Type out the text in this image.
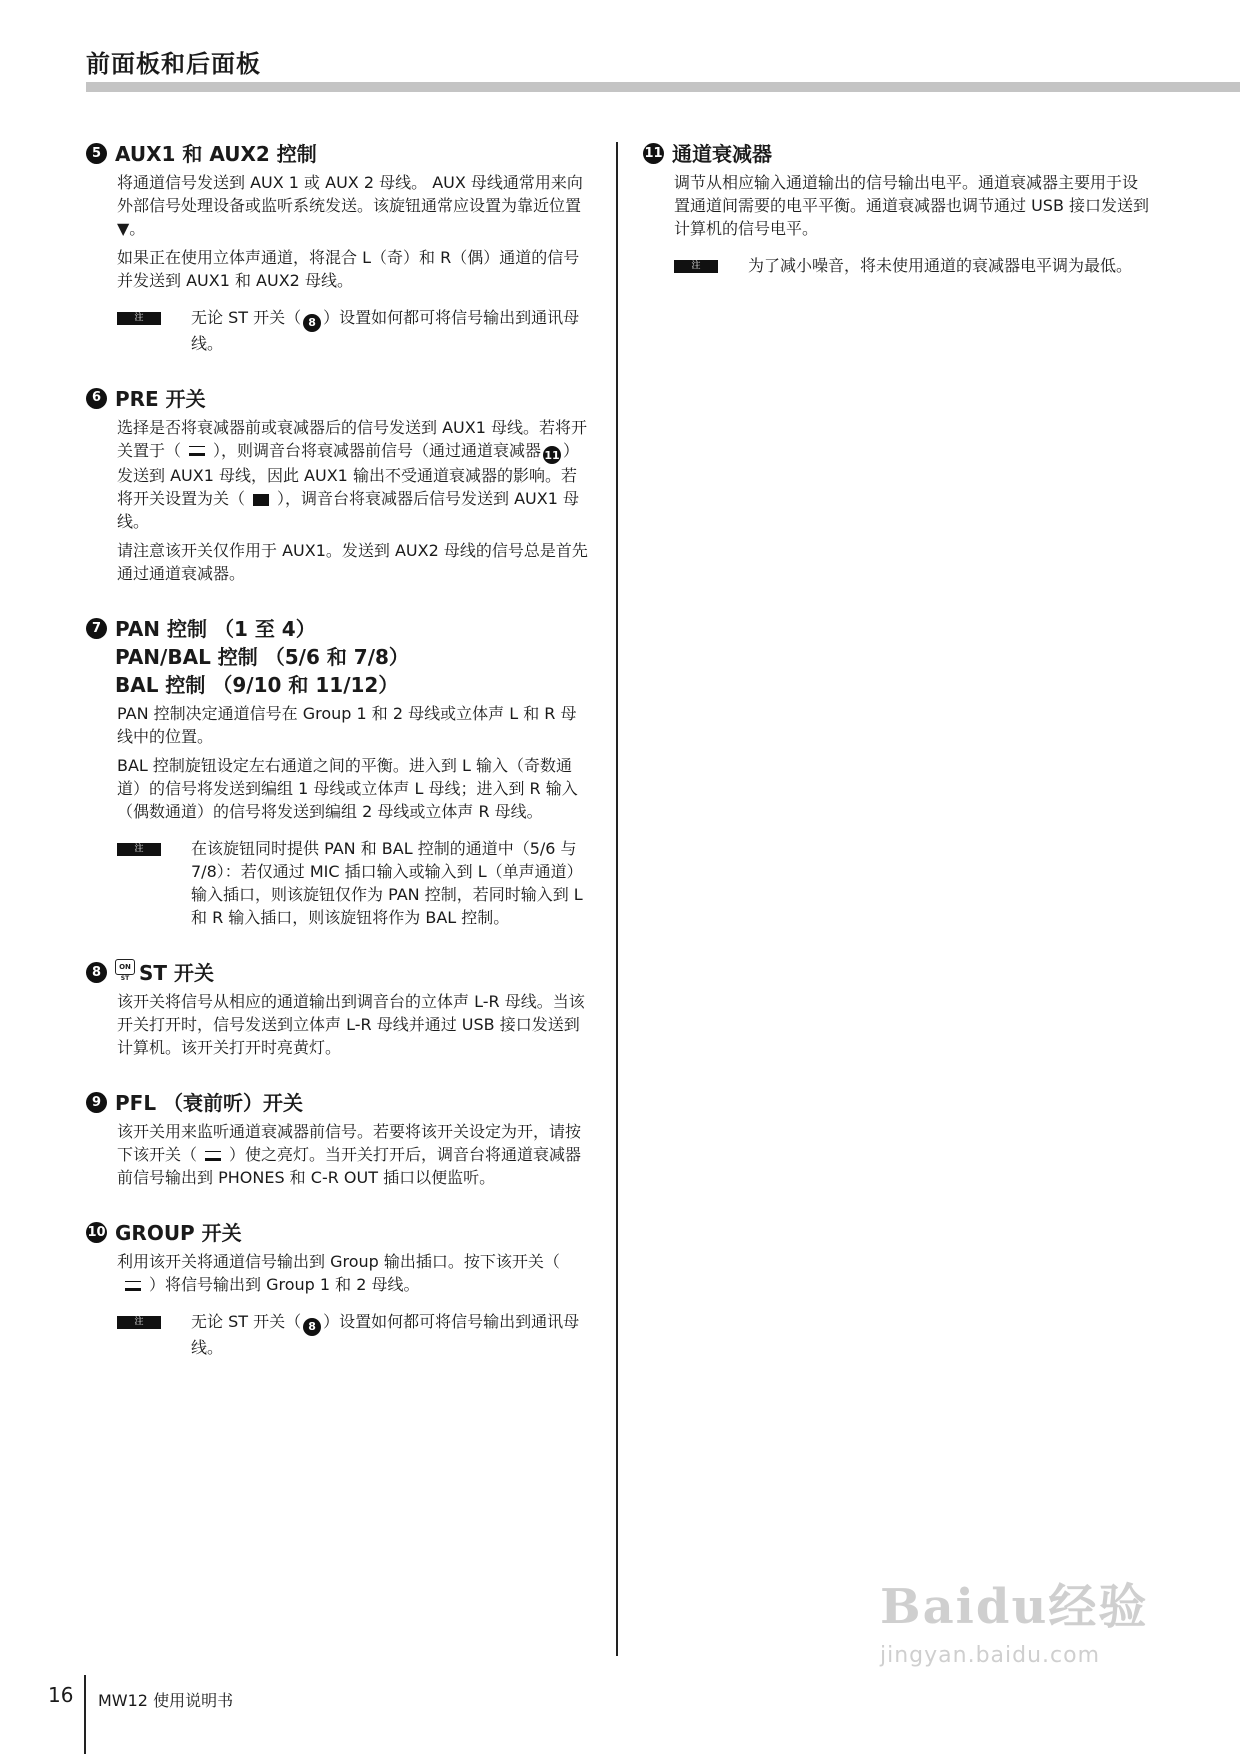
前面板和后面板
5 AUX1 和 AUX2 控制

将通道信号发送到 AUX 1 或 AUX 2 母线。 AUX 母线通常用来向外部信号处理设备或监听系统发送。该旋钮通常应设置为靠近位置▼。

如果正在使用立体声通道，将混合 L（奇）和 R（偶）通道的信号并发送到 AUX1 和 AUX2 母线。

注	无论 ST 开关（ 8 ）设置如何都可将信号输出到通讯母线。
6 PRE 开关

选择是否将衰减器前或衰减器后的信号发送到 AUX1 母线。若将开关置于（ ），则调音台将衰减器前信号（通过通道衰减器 11 ）发送到 AUX1 母线，因此 AUX1 输出不受通道衰减器的影响。若将开关设置为关（ ），调音台将衰减器后信号发送到 AUX1 母线。

请注意该开关仅作用于 AUX1。发送到 AUX2 母线的信号总是首先通过通道衰减器。

7 PAN 控制 （1 至 4）
PAN/BAL 控制 （5/6 和 7/8）
BAL 控制 （9/10 和 11/12）

PAN 控制决定通道信号在 Group 1 和 2 母线或立体声 L 和 R 母线中的位置。

BAL 控制旋钮设定左右通道之间的平衡。进入到 L 输入（奇数通道）的信号将发送到编组 1 母线或立体声 L 母线；进入到 R 输入（偶数通道）的信号将发送到编组 2 母线或立体声 R 母线。

注	在该旋钮同时提供 PAN 和 BAL 控制的通道中（5/6 与 7/8）：若仅通过 MIC 插口输入或输入到 L（单声通道）输入插口，则该旋钮仅作为 PAN 控制，若同时输入到 L 和 R 输入插口，则该旋钮将作为 BAL 控制。
8	ON
ST ST 开关

该开关将信号从相应的通道输出到调音台的立体声 L-R 母线。当该开关打开时，信号发送到立体声 L-R 母线并通过 USB 接口发送到计算机。该开关打开时亮黄灯。

9 PFL （衰前听）开关

该开关用来监听通道衰减器前信号。若要将该开关设定为开，请按下该开关（ ）使之亮灯。当开关打开后，调音台将通道衰减器前信号输出到 PHONES 和 C-R OUT 插口以便监听。

10 GROUP 开关

利用该开关将通道信号输出到 Group 输出插口。按下该开关（）将信号输出到 Group 1 和 2 母线。

注	无论 ST 开关（ 8 ）设置如何都可将信号输出到通讯母线。
11 通道衰减器

调节从相应输入通道输出的信号输出电平。通道衰减器主要用于设置通道间需要的电平平衡。通道衰减器也调节通过 USB 接口发送到计算机的信号电平。

注	为了减小噪音，将未使用通道的衰减器电平调为最低。
16 MW12 使用说明书
Baidu经验
jingyan.baidu.com
